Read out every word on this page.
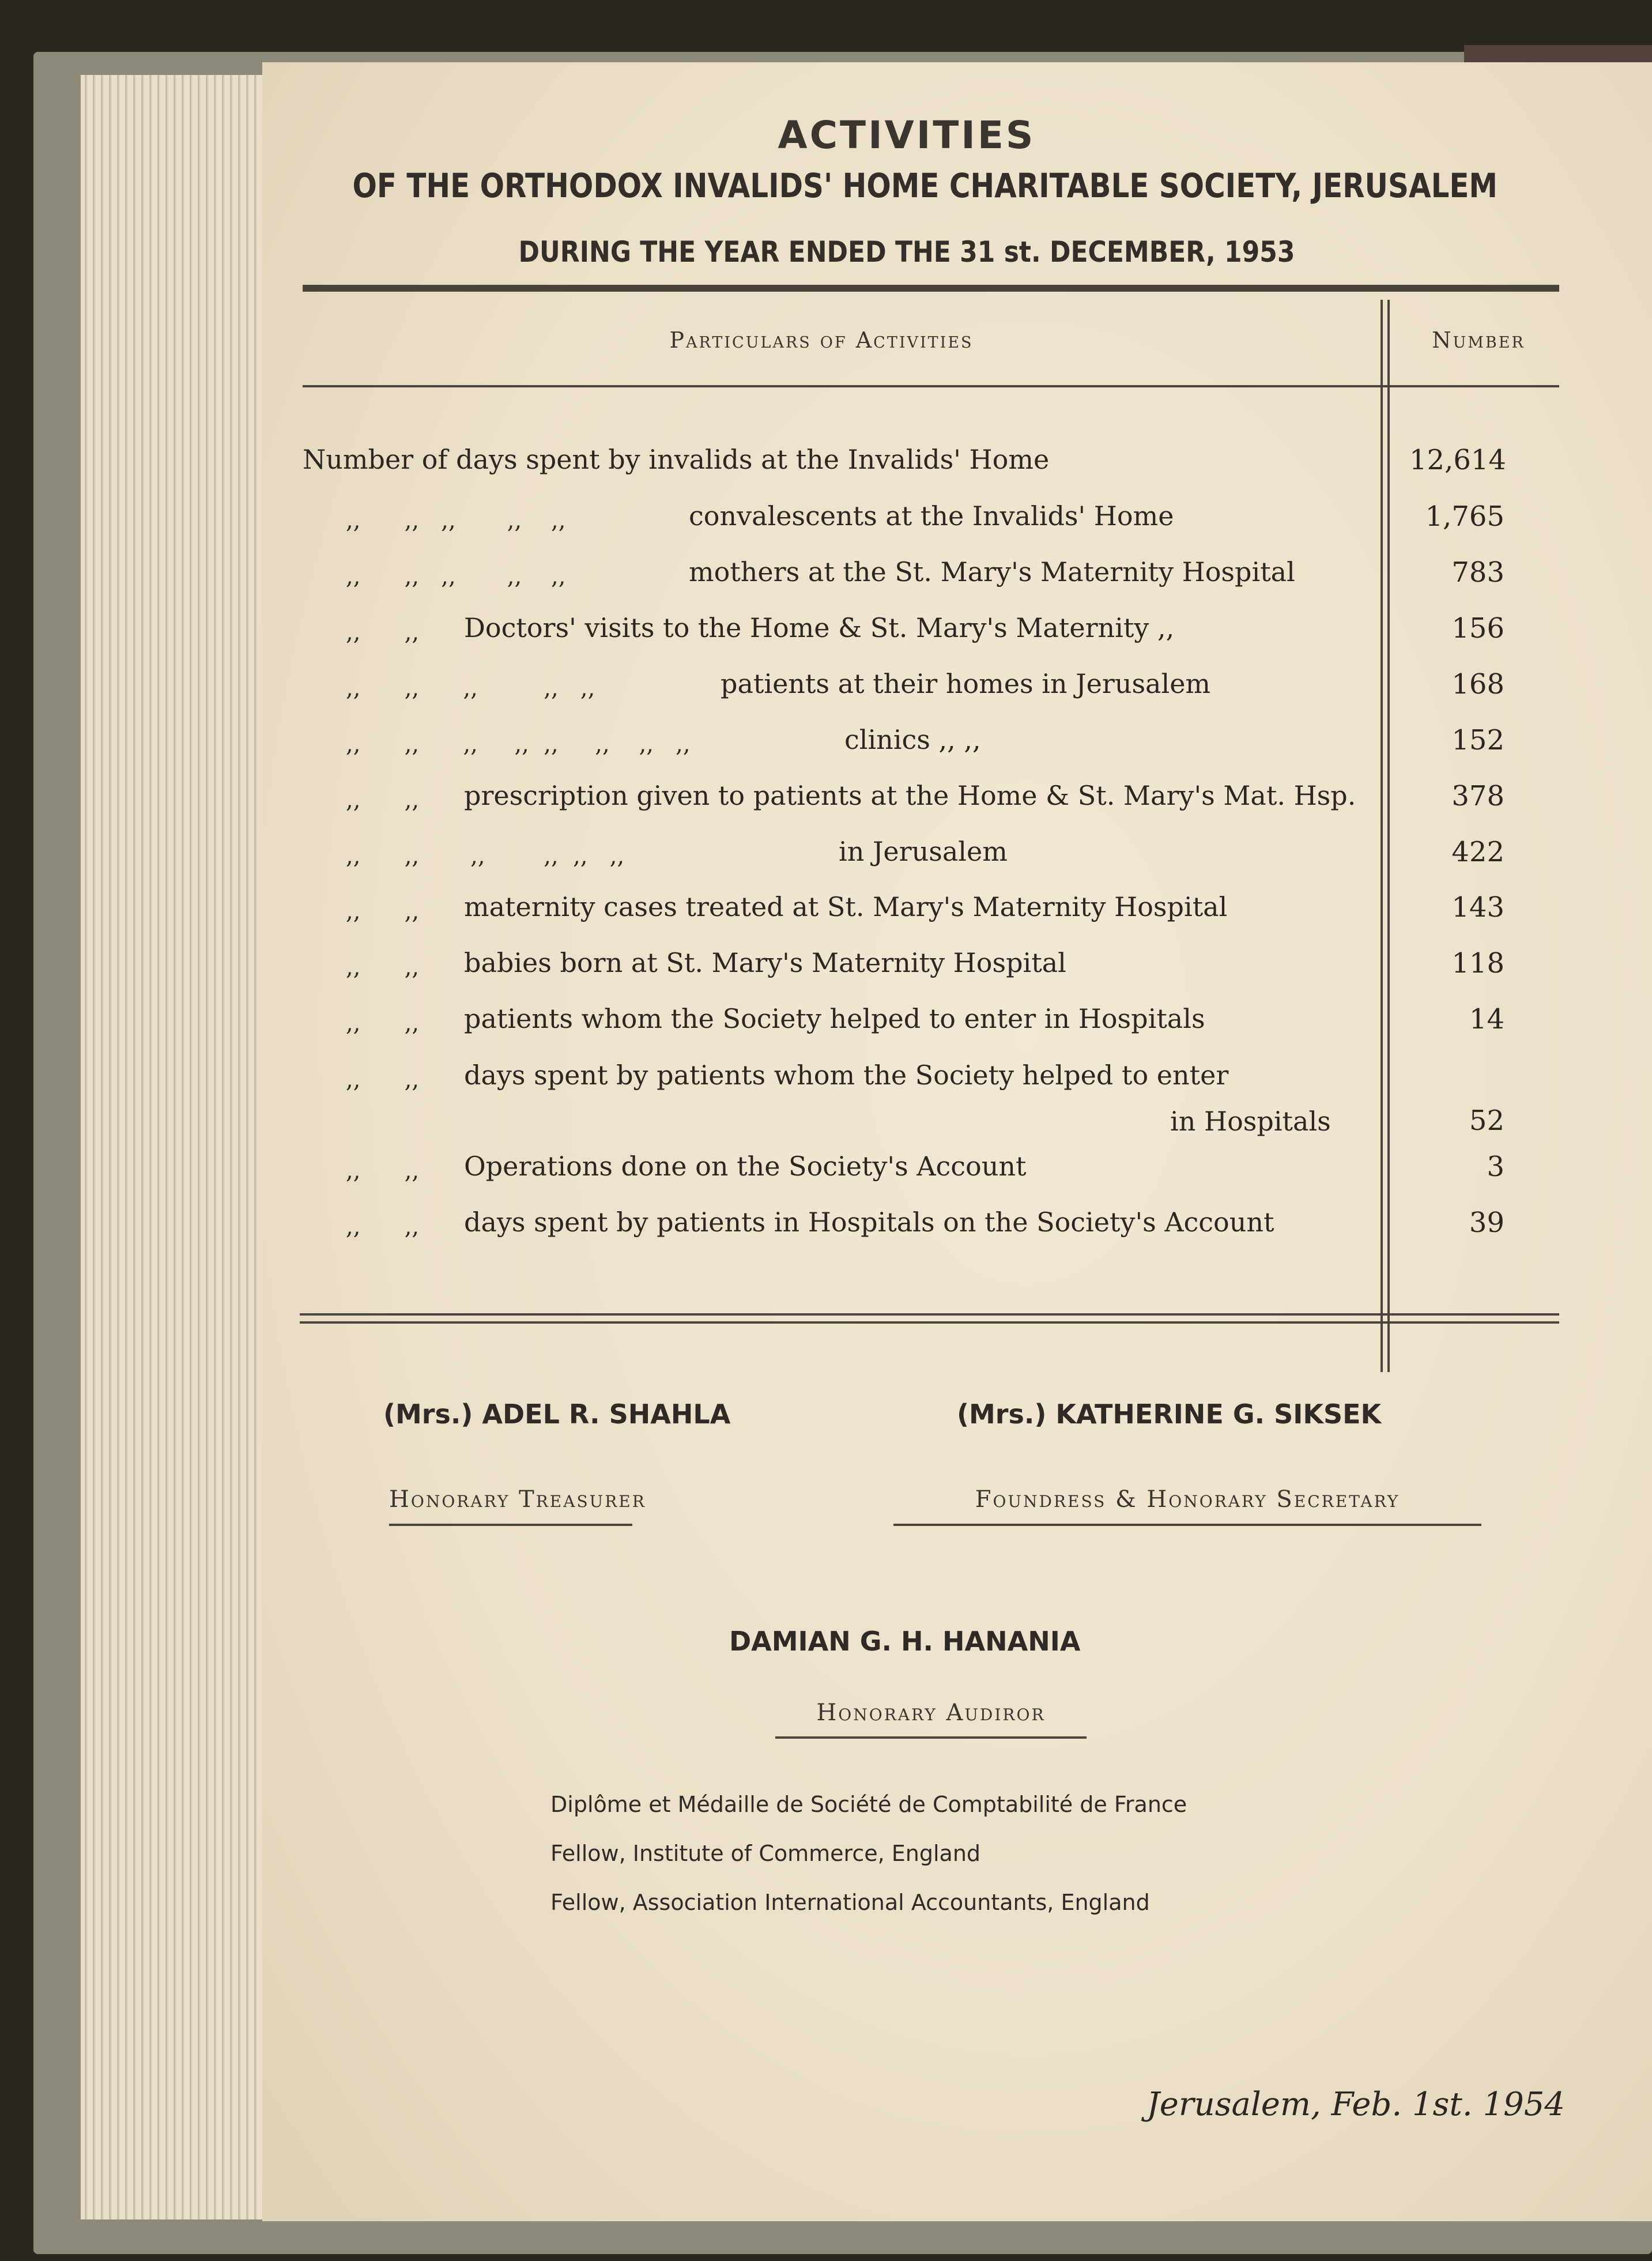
ACTIVITIES
OF THE ORTHODOX INVALIDS' HOME CHARITABLE SOCIETY, JERUSALEM
DURING THE YEAR ENDED THE 31 st. DECEMBER, 1953
Particulars of Activities	Number
Number of days spent by invalids at the Invalids' Home	12,614
,,      ,,   ,,       ,,    ,,	convalescents at the Invalids' Home	1,765
,,      ,,   ,,       ,,    ,,	mothers at the St. Mary's Maternity Hospital	783
,,      ,, Doctors' visits to the Home & St. Mary's Maternity ,,	156
,,      ,,      ,,         ,,   ,,	patients at their homes in Jerusalem	168
,,      ,,      ,,     ,,  ,,     ,,    ,,   ,,	clinics ,, ,,	152
,,      ,, prescription given to patients at the Home & St. Mary's Mat. Hsp.	378
,,      ,,       ,,        ,,  ,,   ,,	in Jerusalem	422
,,      ,, maternity cases treated at St. Mary's Maternity Hospital	143
,,      ,, babies born at St. Mary's Maternity Hospital	118
,,      ,, patients whom the Society helped to enter in Hospitals	14
,,      ,, days spent by patients whom the Society helped to enter
in Hospitals	52
,,      ,, Operations done on the Society's Account	3
,,      ,, days spent by patients in Hospitals on the Society's Account	39
(Mrs.) ADEL R. SHAHLA
Honorary Treasurer
(Mrs.) KATHERINE G. SIKSEK
Foundress & Honorary Secretary
DAMIAN G. H. HANANIA
Honorary Audiror
Diplôme et Médaille de Société de Comptabilité de France
Fellow, Institute of Commerce, England
Fellow, Association International Accountants, England
Jerusalem, Feb. 1st. 1954
